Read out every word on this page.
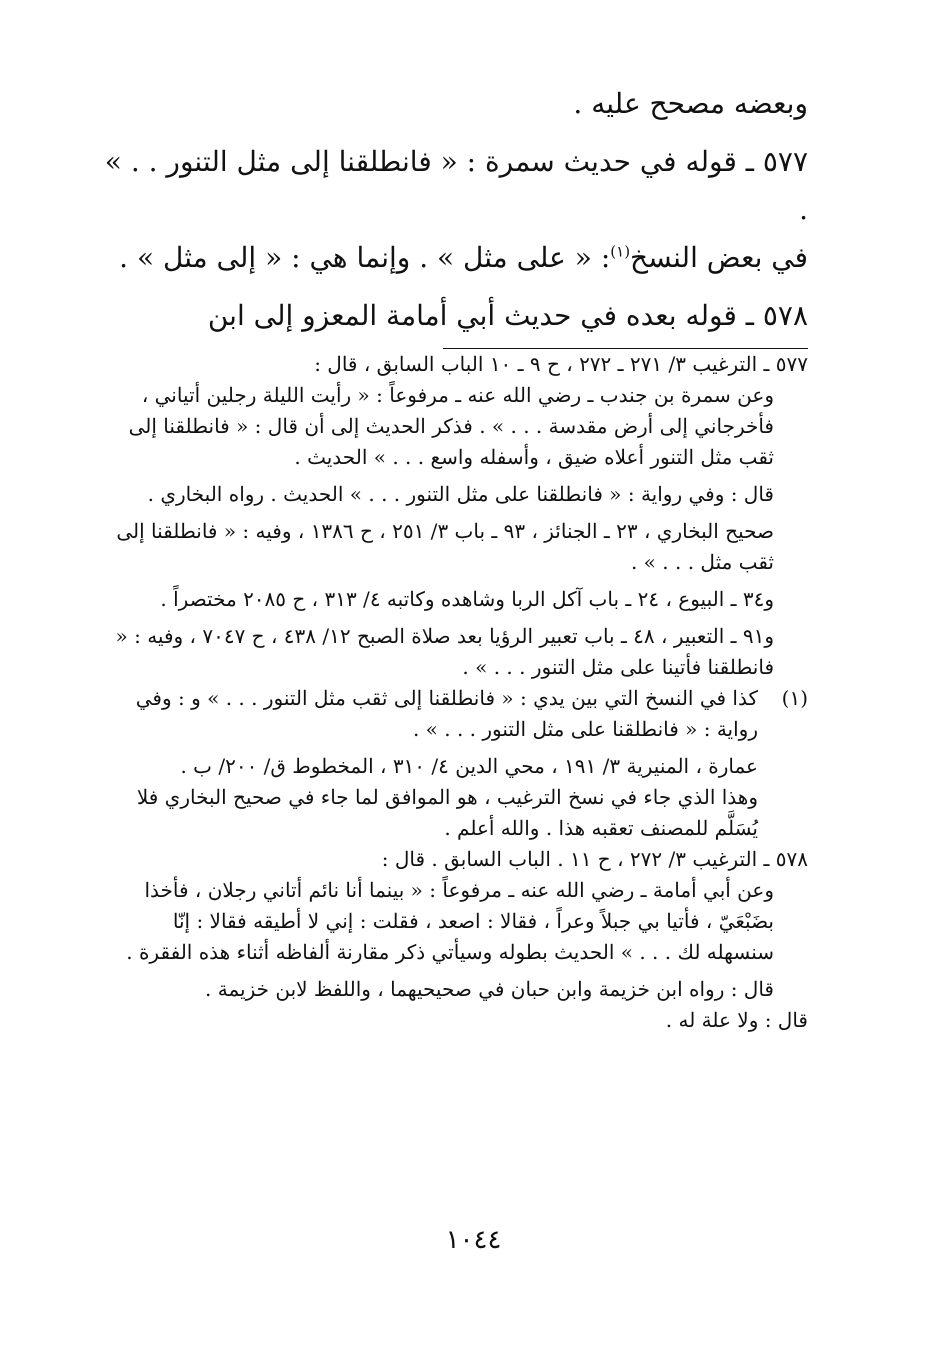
وبعضه مصحح عليه .

٥٧٧ ـ قوله في حديث سمرة : « فانطلقنا إلى مثل التنور . . » .

في بعض النسخ$^{(١)}$: « على مثل » . وإنما هي : « إلى مثل » .

٥٧٨ ـ قوله بعده في حديث أبي أمامة المعزو إلى ابن

٥٧٧ ـ الترغيب ٣/ ٢٧١ ـ ٢٧٢ ، ح ٩ ـ ١٠ الباب السابق ، قال :

وعن سمرة بن جندب ـ رضي الله عنه ـ مرفوعاً : « رأيت الليلة رجلين أتياني ، فأخرجاني إلى أرض مقدسة . . . » . فذكر الحديث إلى أن قال : « فانطلقنا إلى ثقب مثل التنور أعلاه ضيق ، وأسفله واسع . . . » الحديث .

قال : وفي رواية : « فانطلقنا على مثل التنور . . . » الحديث . رواه البخاري .

صحيح البخاري ، ٢٣ ـ الجنائز ، ٩٣ ـ باب ٣/ ٢٥١ ، ح ١٣٨٦ ، وفيه : « فانطلقنا إلى ثقب مثل . . . » .

و٣٤ ـ البيوع ، ٢٤ ـ باب آكل الربا وشاهده وكاتبه ٤/ ٣١٣ ، ح ٢٠٨٥ مختصراً .

و٩١ ـ التعبير ، ٤٨ ـ باب تعبير الرؤيا بعد صلاة الصبح ١٢/ ٤٣٨ ، ح ٧٠٤٧ ، وفيه : « فانطلقنا فأتينا على مثل التنور . . . » .

(١)

كذا في النسخ التي بين يدي : « فانطلقنا إلى ثقب مثل التنور . . . » و : وفي رواية : « فانطلقنا على مثل التنور . . . » .

عمارة ، المنيرية ٣/ ١٩١ ، محي الدين ٤/ ٣١٠ ، المخطوط ق/ ٢٠٠/ ب .

وهذا الذي جاء في نسخ الترغيب ، هو الموافق لما جاء في صحيح البخاري فلا يُسَلَّم للمصنف تعقبه هذا . والله أعلم .

٥٧٨ ـ الترغيب ٣/ ٢٧٢ ، ح ١١ . الباب السابق . قال :

وعن أبي أمامة ـ رضي الله عنه ـ مرفوعاً : « بينما أنا نائم أتاني رجلان ، فأخذا بضَبْعَيّ ، فأتيا بي جبلاً وعراً ، فقالا : اصعد ، فقلت : إني لا أطيقه فقالا : إنّا سنسهله لك . . . » الحديث بطوله وسيأتي ذكر مقارنة ألفاظه أثناء هذه الفقرة .

قال : رواه ابن خزيمة وابن حبان في صحيحيهما ، واللفظ لابن خزيمة .

قال : ولا علة له .

١٠٤٤
